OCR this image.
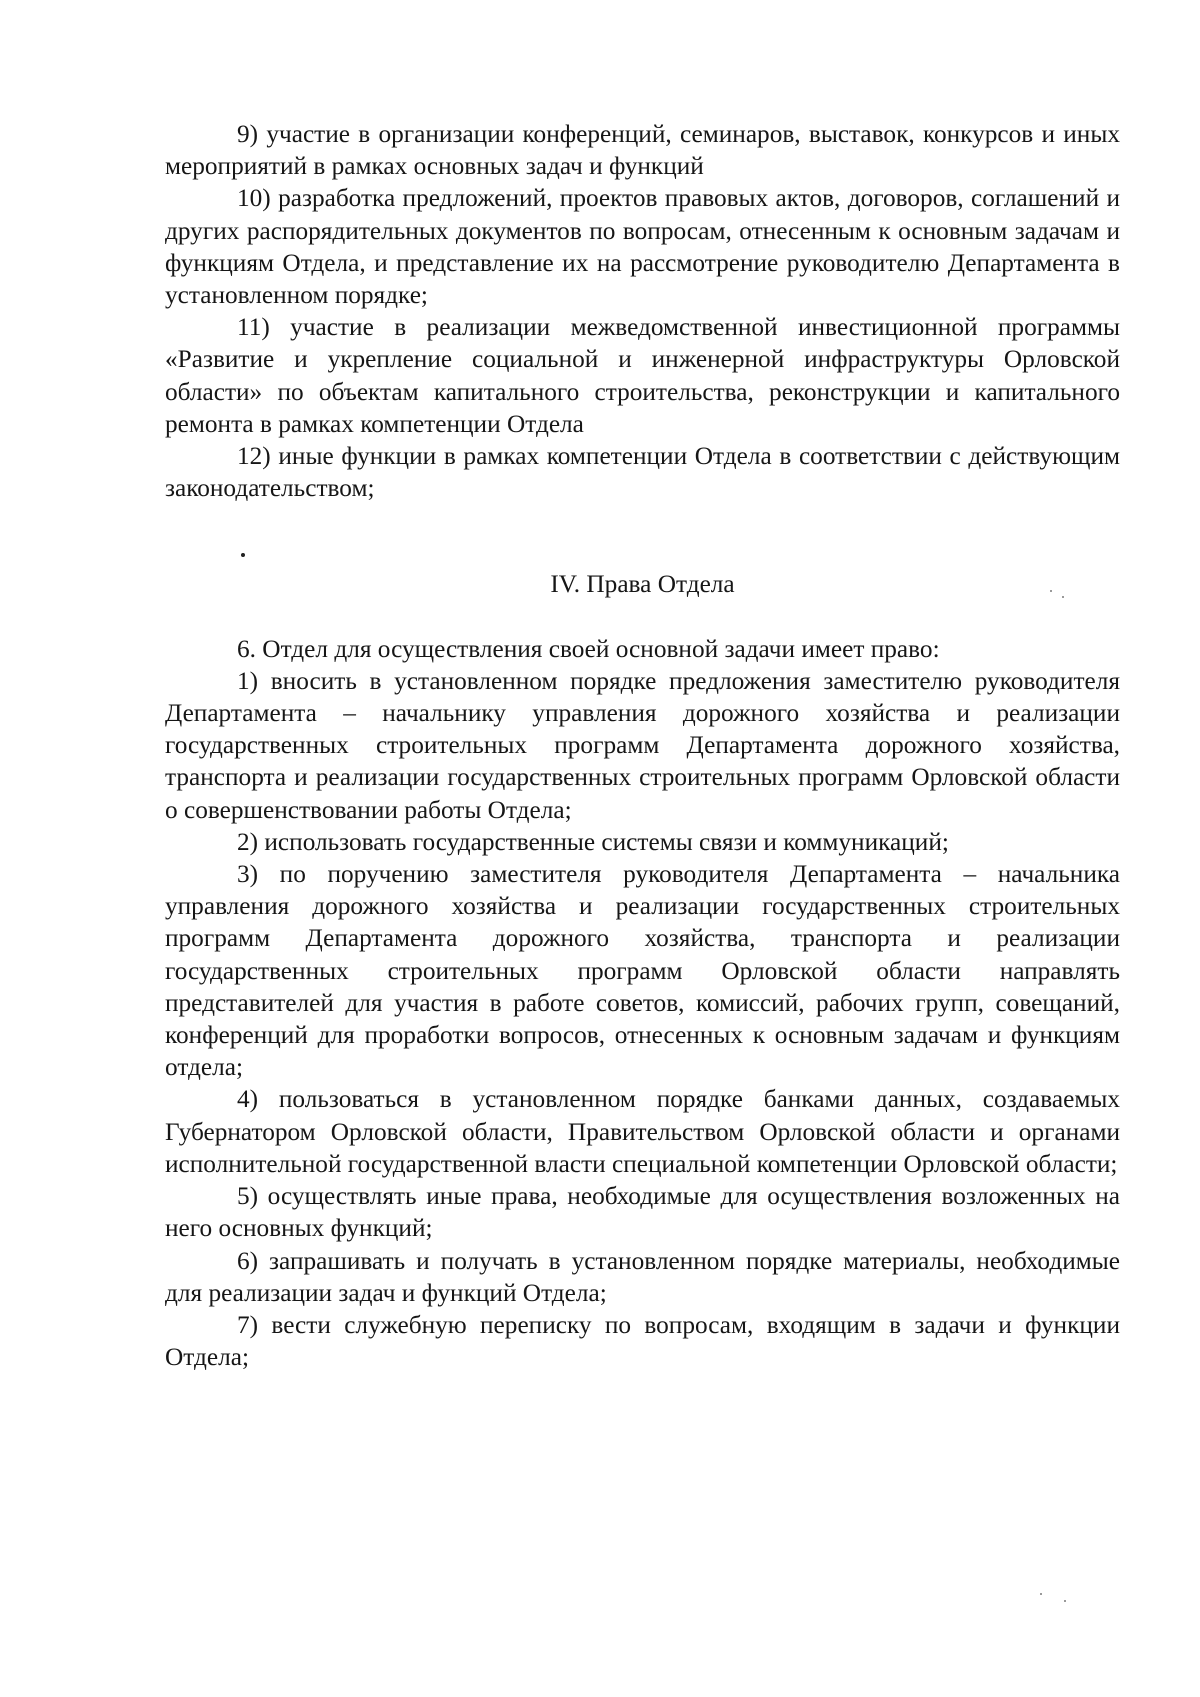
9) участие в организации конференций, семинаров, выставок, конкурсов и иных мероприятий в рамках основных задач и функций

10) разработка предложений, проектов правовых актов, договоров, соглашений и других распорядительных документов по вопросам, отнесенным к основным задачам и функциям Отдела, и представление их на рассмотрение руководителю Департамента в установленном порядке;

11) участие в реализации межведомственной инвестиционной программы «Развитие и укрепление социальной и инженерной инфраструктуры Орловской области» по объектам капитального строительства, реконструкции и капитального ремонта в рамках компетенции Отдела

12) иные функции в рамках компетенции Отдела в соответствии с действующим законодательством;

IV. Права Отдела

6. Отдел для осуществления своей основной задачи имеет право:

1) вносить в установленном порядке предложения заместителю руководителя Департамента – начальнику управления дорожного хозяйства и реализации государственных строительных программ Департамента дорожного хозяйства, транспорта и реализации государственных строительных программ Орловской области о совершенствовании работы Отдела;

2) использовать государственные системы связи и коммуникаций;

3) по поручению заместителя руководителя Департамента – начальника управления дорожного хозяйства и реализации государственных строительных программ Департамента дорожного хозяйства, транспорта и реализации государственных строительных программ Орловской области направлять представителей для участия в работе советов, комиссий, рабочих групп, совещаний, конференций для проработки вопросов, отнесенных к основным задачам и функциям отдела;

4) пользоваться в установленном порядке банками данных, создаваемых Губернатором Орловской области, Правительством Орловской области и органами исполнительной государственной власти специальной компетенции Орловской области;

5) осуществлять иные права, необходимые для осуществления возложенных на него основных функций;

6) запрашивать и получать в установленном порядке материалы, необходимые для реализации задач и функций Отдела;

7) вести служебную переписку по вопросам, входящим в задачи и функции Отдела;
